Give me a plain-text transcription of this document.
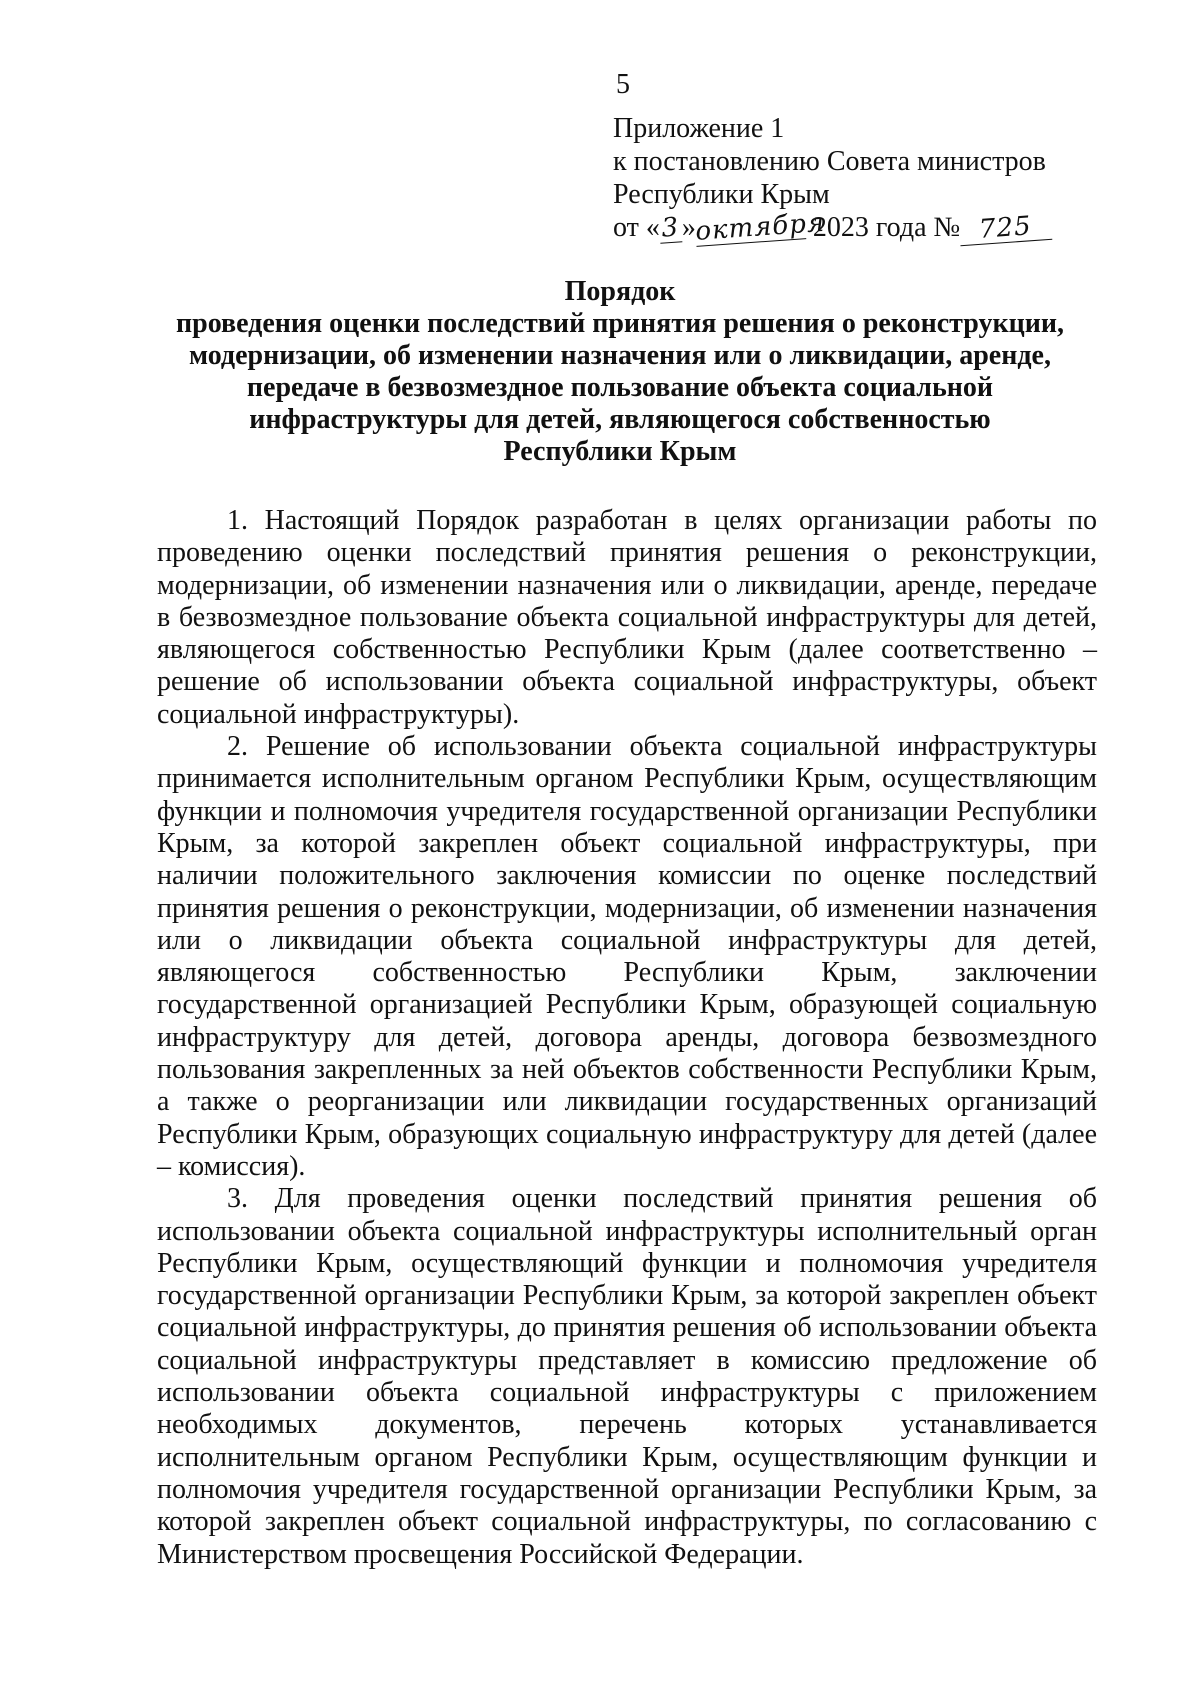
5
Приложение 1
к постановлению Совета министров
Республики Крым
от «3»октября 2023 года № 725
Порядок
проведения оценки последствий принятия решения о реконструкции,
модернизации, об изменении назначения или о ликвидации, аренде,
передаче в безвозмездное пользование объекта социальной
инфраструктуры для детей, являющегося собственностью
Республики Крым

1. Настоящий Порядок разработан в целях организации работы по проведению оценки последствий принятия решения о реконструкции, модернизации, об изменении назначения или о ликвидации, аренде, передаче в безвозмездное пользование объекта социальной инфраструктуры для детей, являющегося собственностью Республики Крым (далее соответственно – решение об использовании объекта социальной инфраструктуры, объект социальной инфраструктуры).

2. Решение об использовании объекта социальной инфраструктуры принимается исполнительным органом Республики Крым, осуществляющим функции и полномочия учредителя государственной организации Республики Крым, за которой закреплен объект социальной инфраструктуры, при наличии положительного заключения комиссии по оценке последствий принятия решения о реконструкции, модернизации, об изменении назначения или о ликвидации объекта социальной инфраструктуры для детей, являющегося собственностью Республики Крым, заключении государственной организацией Республики Крым, образующей социальную инфраструктуру для детей, договора аренды, договора безвозмездного пользования закрепленных за ней объектов собственности Республики Крым, а также о реорганизации или ликвидации государственных организаций Республики Крым, образующих социальную инфраструктуру для детей (далее – комиссия).

3. Для проведения оценки последствий принятия решения об использовании объекта социальной инфраструктуры исполнительный орган Республики Крым, осуществляющий функции и полномочия учредителя государственной организации Республики Крым, за которой закреплен объект социальной инфраструктуры, до принятия решения об использовании объекта социальной инфраструктуры представляет в комиссию предложение об использовании объекта социальной инфраструктуры с приложением необходимых документов, перечень которых устанавливается исполнительным органом Республики Крым, осуществляющим функции и полномочия учредителя государственной организации Республики Крым, за которой закреплен объект социальной инфраструктуры, по согласованию с Министерством просвещения Российской Федерации.
